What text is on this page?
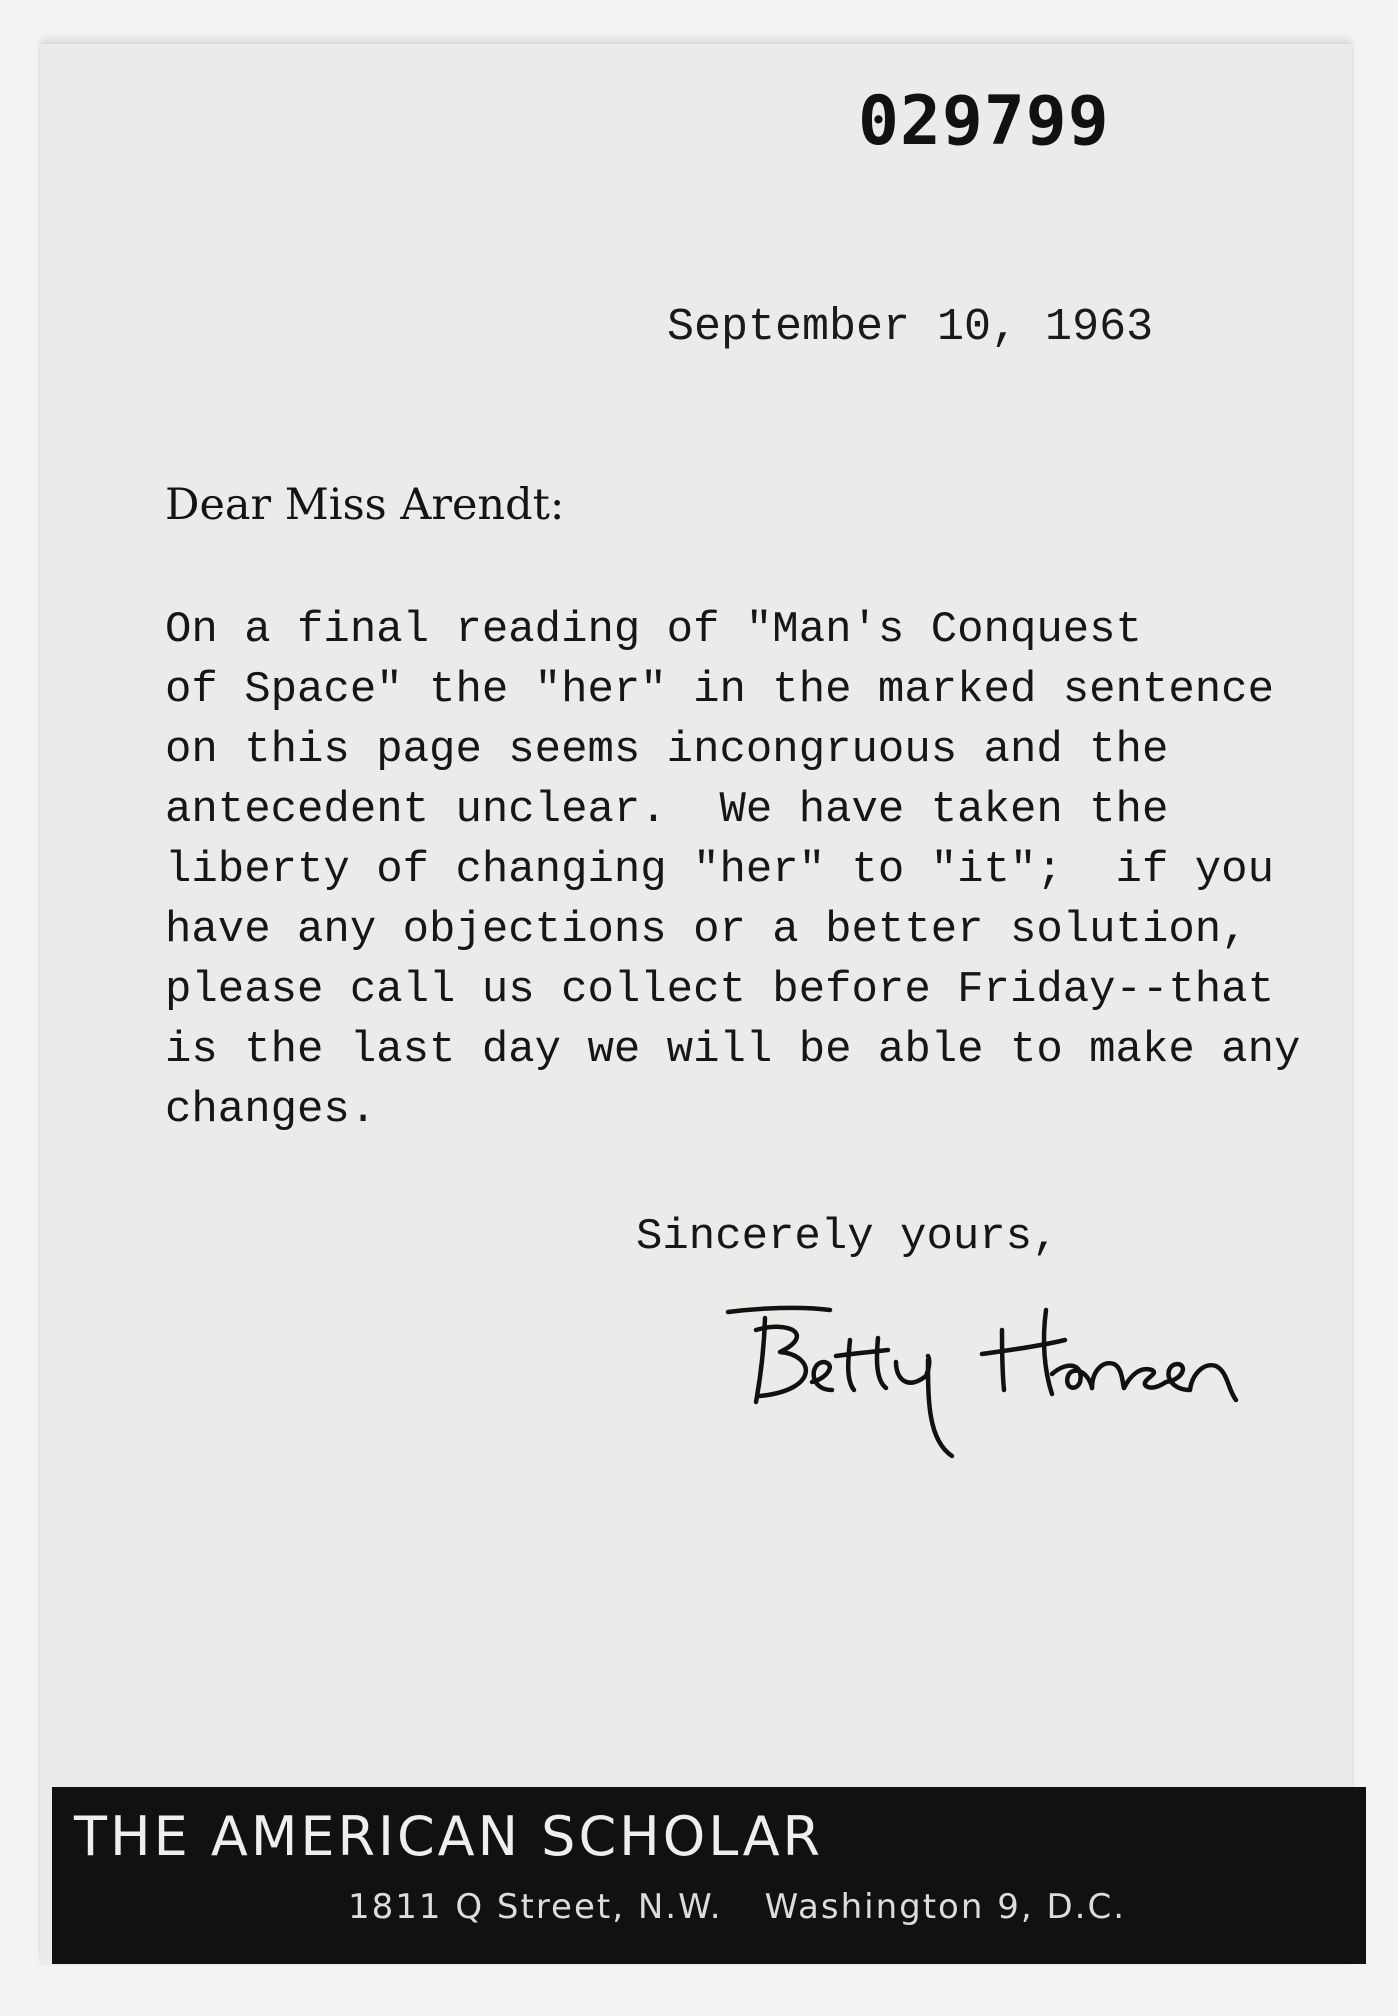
029799
September 10, 1963
Dear Miss Arendt:
On a final reading of "Man's Conquest
of Space" the "her" in the marked sentence
on this page seems incongruous and the
antecedent unclear.  We have taken the
liberty of changing "her" to "it";  if you
have any objections or a better solution,
please call us collect before Friday--that
is the last day we will be able to make any
changes.
Sincerely yours,
THE AMERICAN SCHOLAR
1811 Q Street, N.W. Washington 9, D.C.
